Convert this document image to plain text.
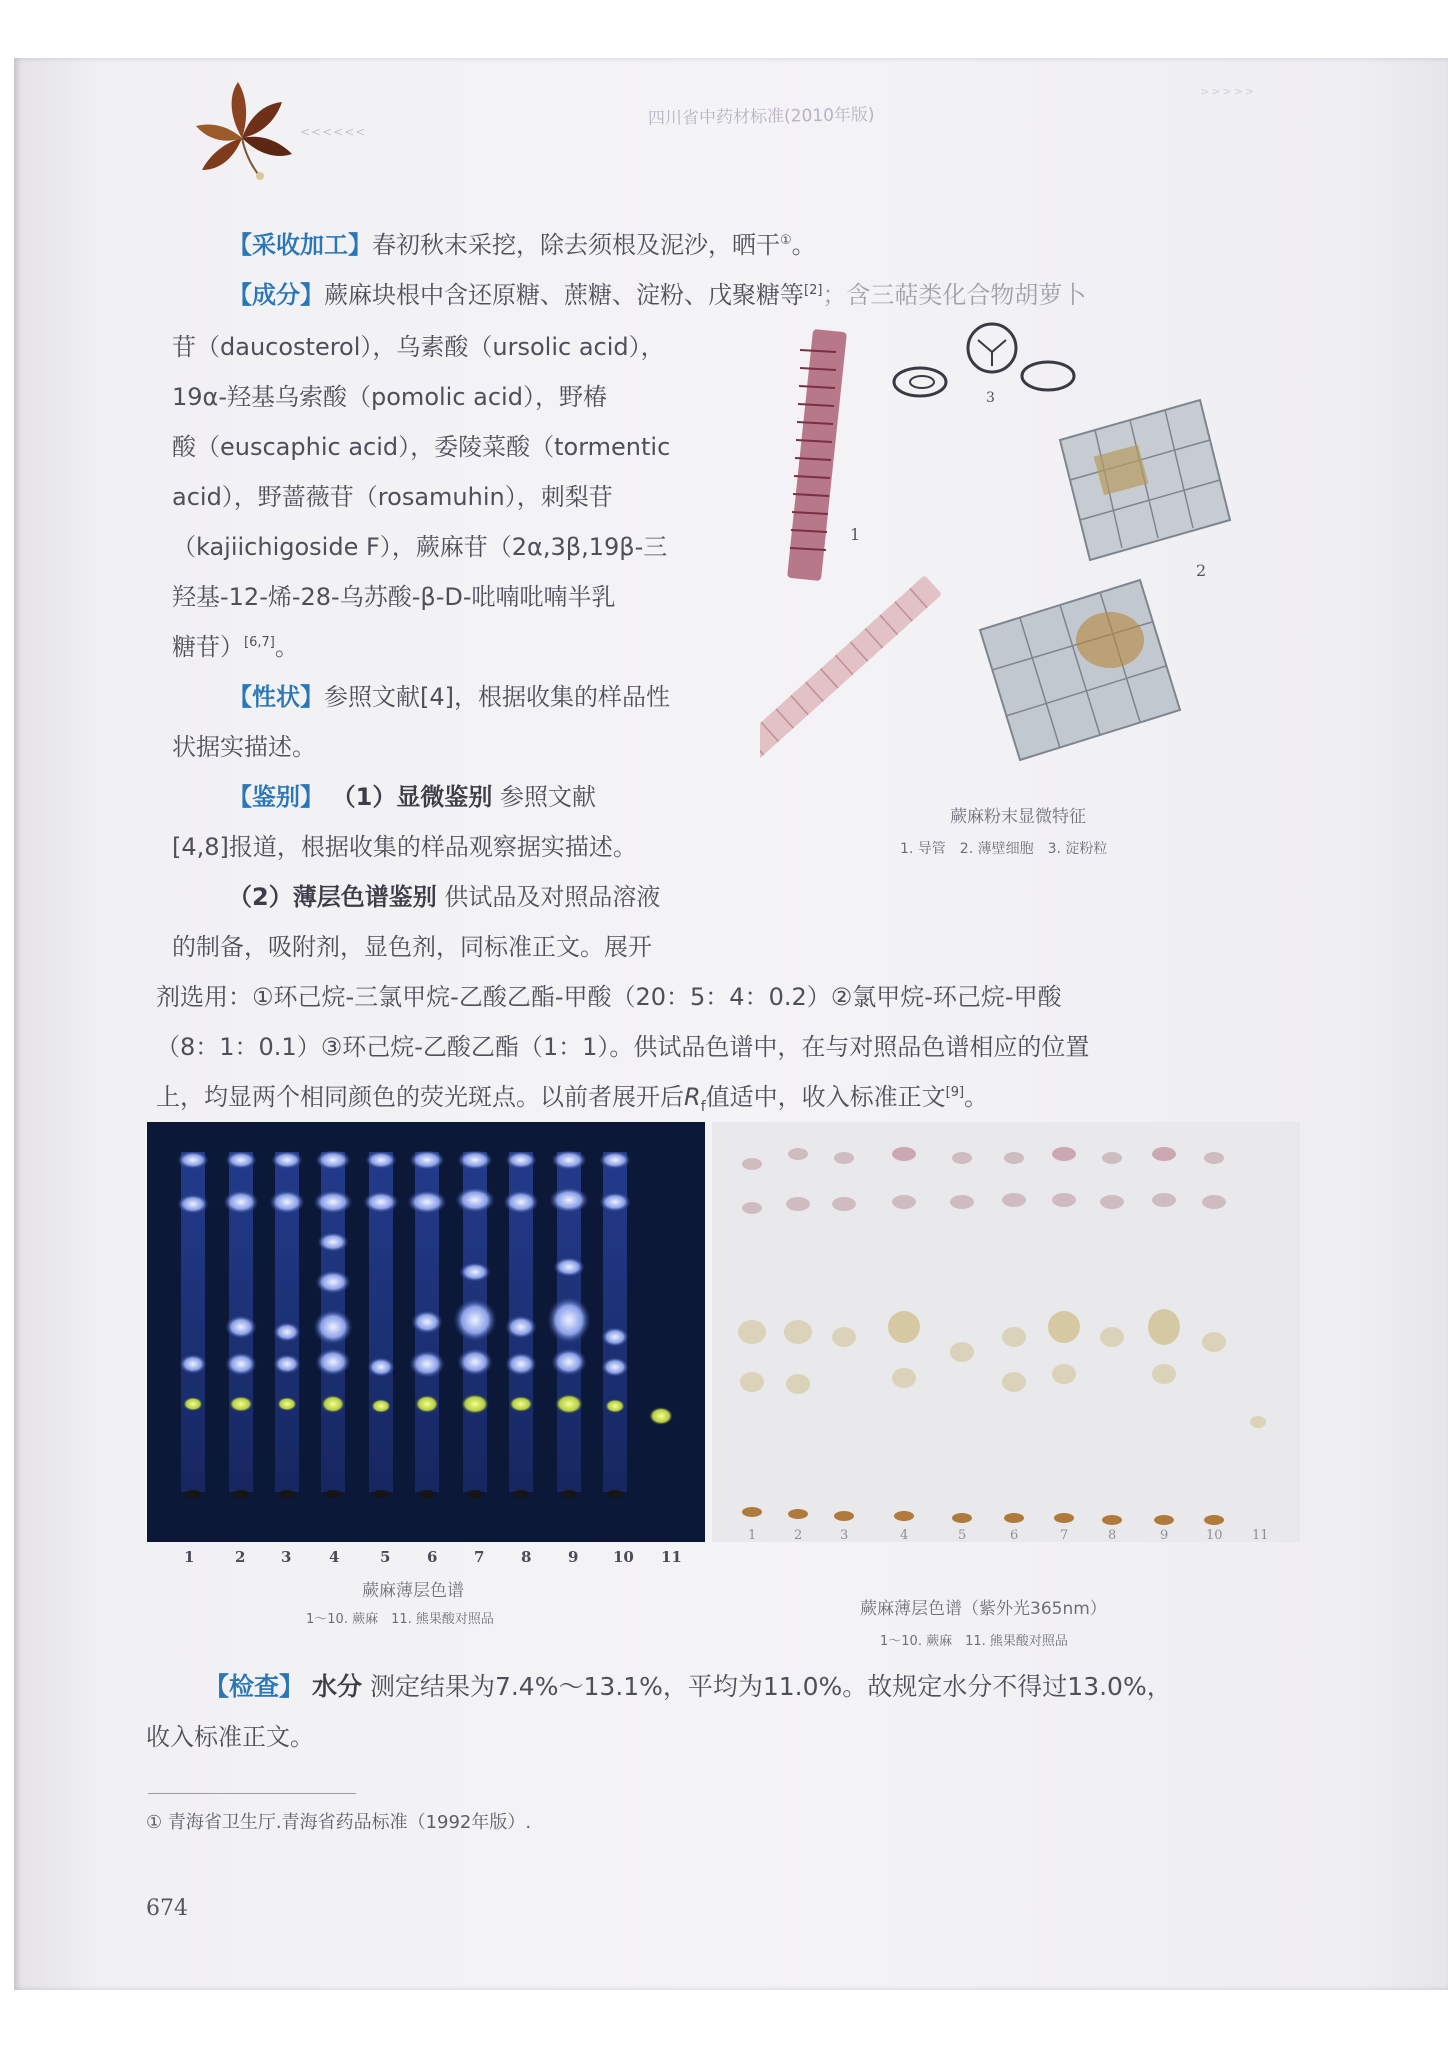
<<<<<<
四川省中药材标准(2010年版)
>>>>>
【采收加工】春初秋末采挖，除去须根及泥沙，晒干①。
【成分】蕨麻块根中含还原糖、蔗糖、淀粉、戊聚糖等[2]；含三萜类化合物胡萝卜
苷（daucosterol），乌素酸（ursolic acid），
19α-羟基乌索酸（pomolic acid），野椿
酸（euscaphic acid），委陵菜酸（tormentic
acid），野蔷薇苷（rosamuhin），刺梨苷
（kajiichigoside F），蕨麻苷（2α,3β,19β-三
羟基-12-烯-28-乌苏酸-β-D-吡喃吡喃半乳
糖苷）[6,7]。
【性状】参照文献[4]，根据收集的样品性
状据实描述。
【鉴别】 （1）显微鉴别 参照文献
[4,8]报道，根据收集的样品观察据实描述。
（2）薄层色谱鉴别 供试品及对照品溶液
的制备，吸附剂，显色剂，同标准正文。展开
剂选用：①环己烷-三氯甲烷-乙酸乙酯-甲酸（20：5：4：0.2）②氯甲烷-环己烷-甲酸
（8：1：0.1）③环己烷-乙酸乙酯（1：1）。供试品色谱中，在与对照品色谱相应的位置
上，均显两个相同颜色的荧光斑点。以前者展开后$R_f$值适中，收入标准正文[9]。
1
2
3
蕨麻粉末显微特征
1. 导管　2. 薄壁细胞　3. 淀粉粒
1	2 3	4	5 6 7 8 9 10 11
蕨麻薄层色谱
1～10. 蕨麻　11. 熊果酸对照品
1	2	3	4	5	6	7	8	9	10 11
蕨麻薄层色谱（紫外光365nm）
1～10. 蕨麻　11. 熊果酸对照品
【检查】 水分 测定结果为7.4%～13.1%，平均为11.0%。故规定水分不得过13.0%，
收入标准正文。
① 青海省卫生厅.青海省药品标准（1992年版）.
674
